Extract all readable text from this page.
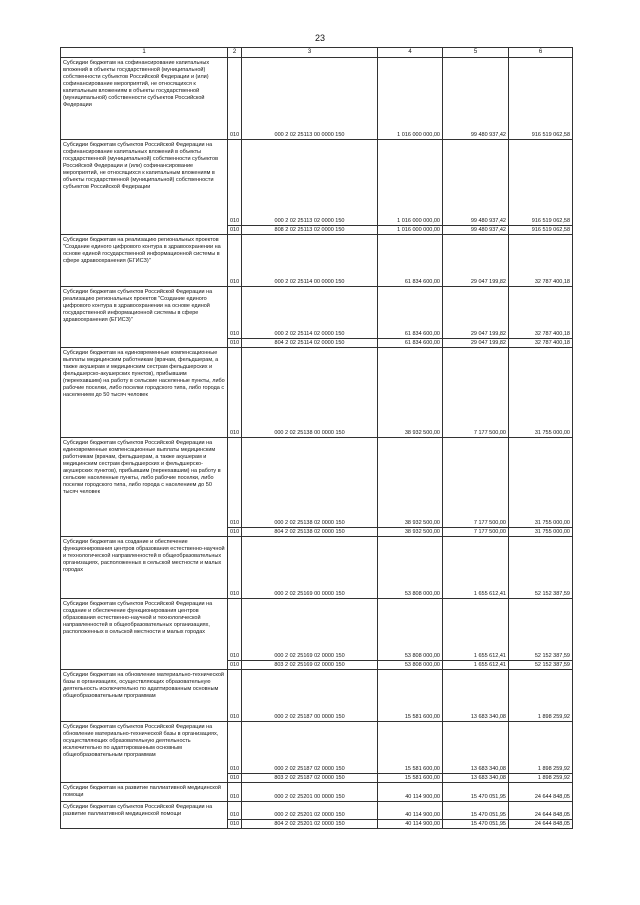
23
1	2	3	4	5	6
Субсидии бюджетам на софинансирование капитальных вложений в объекты государственной (муниципальной) собственности субъектов Российской Федерации и (или) софинансирование мероприятий, не относящихся к капитальным вложениям в объекты государственной (муниципальной) собственности субъектов Российской Федерации	010	000 2 02 25113 00 0000 150	1 016 000 000,00	99 480 937,42	916 519 062,58
Субсидии бюджетам субъектов Российской Федерации на софинансирование капитальных вложений в объекты государственной (муниципальной) собственности субъектов Российской Федерации и (или) софинансирование мероприятий, не относящихся к капитальным вложениям в объекты государственной (муниципальной) собственности субъектов Российской Федерации	010	000 2 02 25113 02 0000 150	1 016 000 000,00	99 480 937,42	916 519 062,58
	010	808 2 02 25113 02 0000 150	1 016 000 000,00	99 480 937,42	916 519 062,58
Субсидии бюджетам на реализацию региональных проектов "Создание единого цифрового контура в здравоохранении на основе единой государственной информационной системы в сфере здравоохранения (ЕГИСЗ)"	010	000 2 02 25114 00 0000 150	61 834 600,00	29 047 199,82	32 787 400,18
Субсидии бюджетам субъектов Российской Федерации на реализацию региональных проектов "Создание единого цифрового контура в здравоохранении на основе единой государственной информационной системы в сфере здравоохранения (ЕГИСЗ)"	010	000 2 02 25114 02 0000 150	61 834 600,00	29 047 199,82	32 787 400,18
	010	804 2 02 25114 02 0000 150	61 834 600,00	29 047 199,82	32 787 400,18
Субсидии бюджетам на единовременные компенсационные выплаты медицинским работникам (врачам, фельдшерам, а также акушерам и медицинским сестрам фельдшерских и фельдшерско-акушерских пунктов), прибывшим (переехавшим) на работу в сельские населенные пункты, либо рабочие поселки, либо поселки городского типа, либо города с населением до 50 тысяч человек	010	000 2 02 25138 00 0000 150	38 932 500,00	7 177 500,00	31 755 000,00
Субсидии бюджетам субъектов Российской Федерации на единовременные компенсационные выплаты медицинским работникам (врачам, фельдшерам, а также акушерам и медицинским сестрам фельдшерских и фельдшерско-акушерских пунктов), прибывшим (переехавшим) на работу в сельские населенные пункты, либо рабочие поселки, либо поселки городского типа, либо города с населением до 50 тысяч человек	010	000 2 02 25138 02 0000 150	38 932 500,00	7 177 500,00	31 755 000,00
	010	804 2 02 25138 02 0000 150	38 932 500,00	7 177 500,00	31 755 000,00
Субсидии бюджетам на создание и обеспечение функционирования центров образования естественно-научной и технологической направленностей в общеобразовательных организациях, расположенных в сельской местности и малых городах	010	000 2 02 25169 00 0000 150	53 808 000,00	1 655 612,41	52 152 387,59
Субсидии бюджетам субъектов Российской Федерации на создание и обеспечение функционирования центров образования естественно-научной и технологической направленностей в общеобразовательных организациях, расположенных в сельской местности и малых городах	010	000 2 02 25169 02 0000 150	53 808 000,00	1 655 612,41	52 152 387,59
	010	803 2 02 25169 02 0000 150	53 808 000,00	1 655 612,41	52 152 387,59
Субсидии бюджетам на обновление материально-технической базы в организациях, осуществляющих образовательную деятельность исключительно по адаптированным основным общеобразовательным программам	010	000 2 02 25187 00 0000 150	15 581 600,00	13 683 340,08	1 898 259,92
Субсидии бюджетам субъектов Российской Федерации на обновление материально-технической базы в организациях, осуществляющих образовательную деятельность исключительно по адаптированным основным общеобразовательным программам	010	000 2 02 25187 02 0000 150	15 581 600,00	13 683 340,08	1 898 259,92
	010	803 2 02 25187 02 0000 150	15 581 600,00	13 683 340,08	1 898 259,92
Субсидии бюджетам на развитие паллиативной медицинской помощи	010	000 2 02 25201 00 0000 150	40 114 900,00	15 470 051,95	24 644 848,05
Субсидии бюджетам субъектов Российской Федерации на развитие паллиативной медицинской помощи	010	000 2 02 25201 02 0000 150	40 114 900,00	15 470 051,95	24 644 848,05
	010	804 2 02 25201 02 0000 150	40 114 900,00	15 470 051,95	24 644 848,05
